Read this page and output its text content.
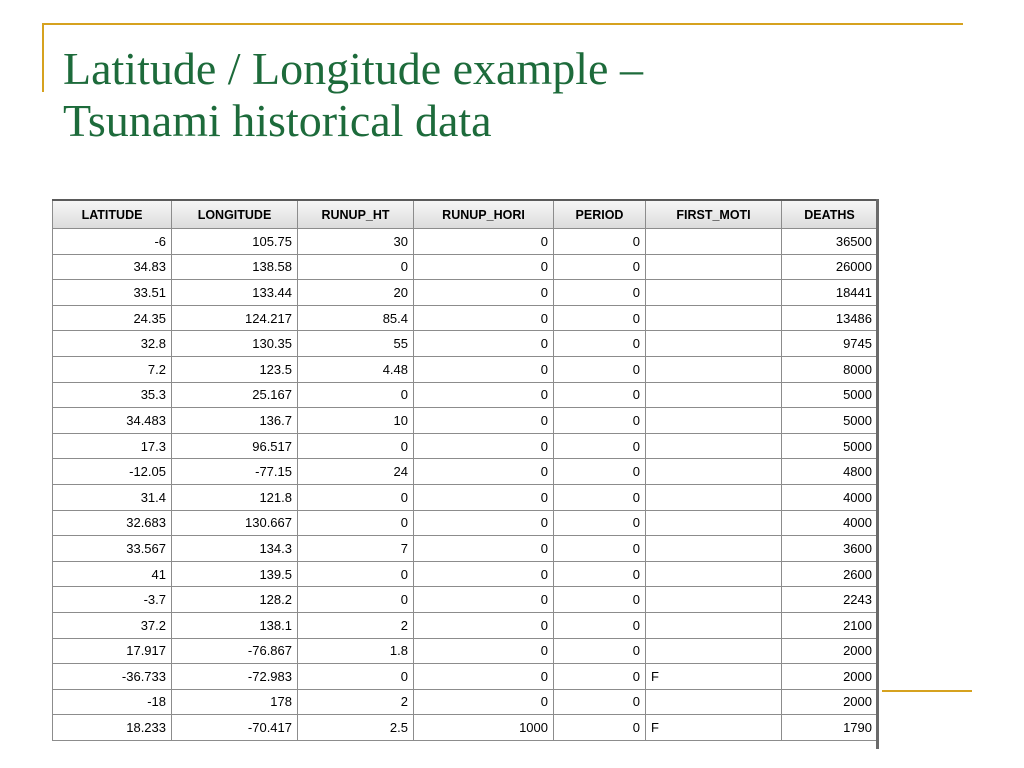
Latitude / Longitude example –
Tsunami historical data
LATITUDE	LONGITUDE	RUNUP_HT	RUNUP_HORI	PERIOD	FIRST_MOTI	DEATHS
-6	105.75	30	0	0		36500
34.83	138.58	0	0	0		26000
33.51	133.44	20	0	0		18441
24.35	124.217	85.4	0	0		13486
32.8	130.35	55	0	0		9745
7.2	123.5	4.48	0	0		8000
35.3	25.167	0	0	0		5000
34.483	136.7	10	0	0		5000
17.3	96.517	0	0	0		5000
-12.05	-77.15	24	0	0		4800
31.4	121.8	0	0	0		4000
32.683	130.667	0	0	0		4000
33.567	134.3	7	0	0		3600
41	139.5	0	0	0		2600
-3.7	128.2	0	0	0		2243
37.2	138.1	2	0	0		2100
17.917	-76.867	1.8	0	0		2000
-36.733	-72.983	0	0	0	F	2000
-18	178	2	0	0		2000
18.233	-70.417	2.5	1000	0	F	1790
